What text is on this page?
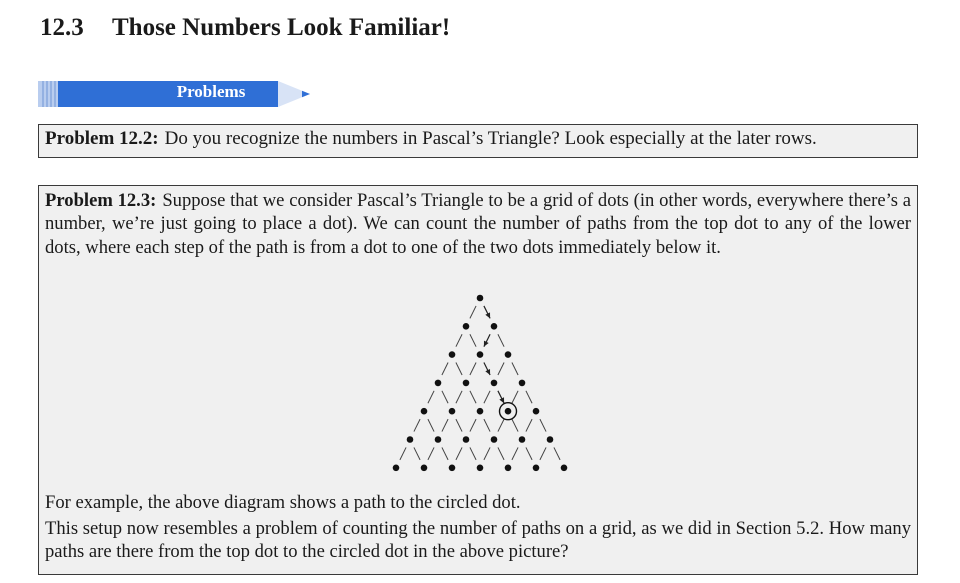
12.3 Those Numbers Look Familiar!
Problems
Problem 12.2: Do you recognize the numbers in Pascal’s Triangle? Look especially at the later rows.
Problem 12.3: Suppose that we consider Pascal’s Triangle to be a grid of dots (in other words, everywhere there’s a number, we’re just going to place a dot). We can count the number of paths from the top dot to any of the lower dots, where each step of the path is from a dot to one of the two dots immediately below it.
For example, the above diagram shows a path to the circled dot.
This setup now resembles a problem of counting the number of paths on a grid, as we did in Section 5.2. How many paths are there from the top dot to the circled dot in the above picture?
